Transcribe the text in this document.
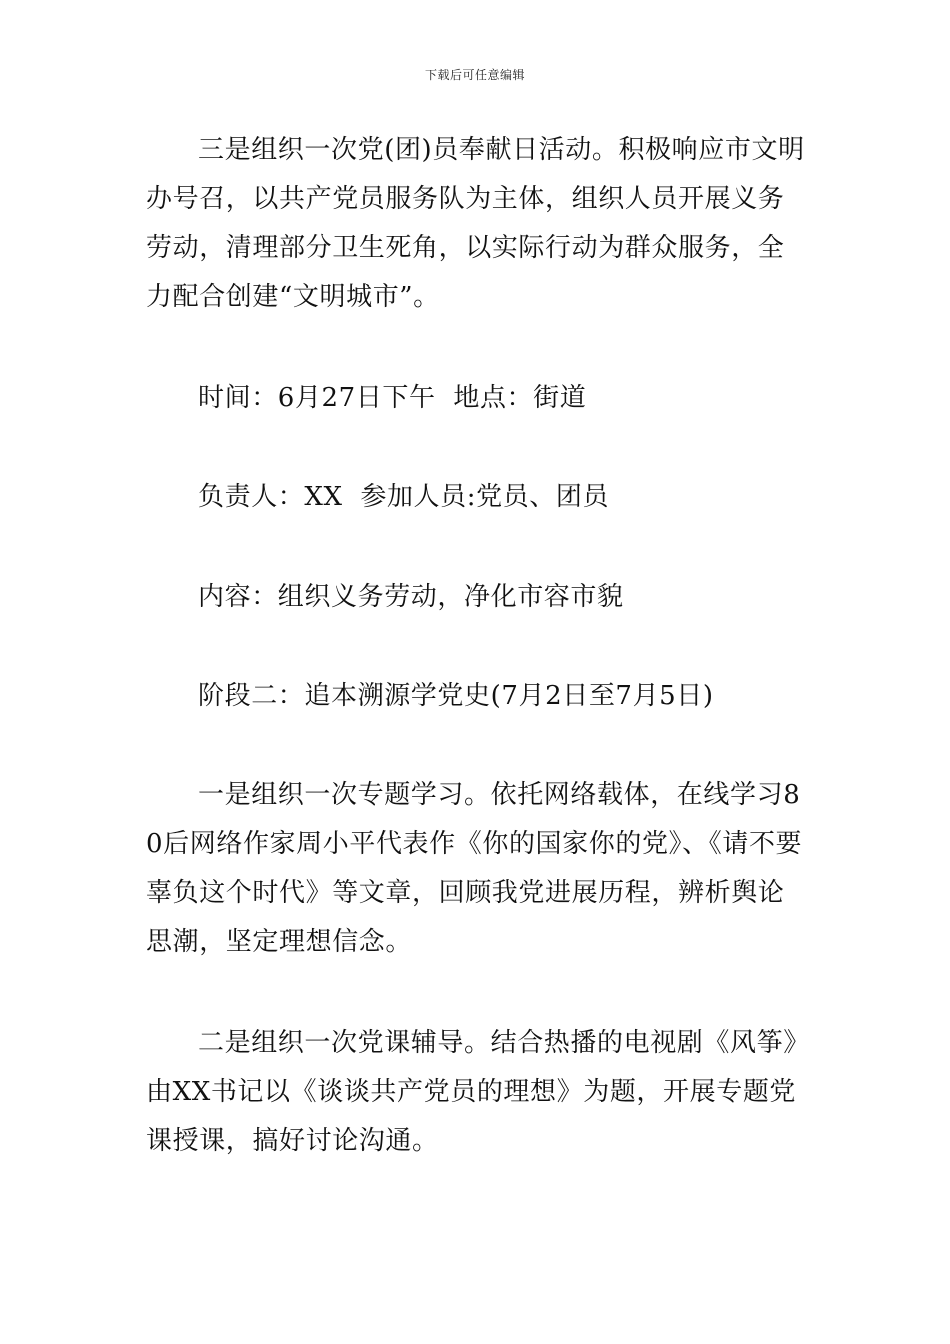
下载后可任意编辑

三是组织一次党(团)员奉献日活动。积极响应市文明办号召，以共产党员服务队为主体，组织人员开展义务劳动，清理部分卫生死角，以实际行动为群众服务，全力配合创建“文明城市”。

时间：6月27日下午  地点：街道

负责人：XX  参加人员:党员、团员

内容：组织义务劳动，净化市容市貌

阶段二：追本溯源学党史(7月2日至7月5日)

一是组织一次专题学习。依托网络载体，在线学习80后网络作家周小平代表作《你的国家你的党》、《请不要辜负这个时代》等文章，回顾我党进展历程，辨析舆论思潮，坚定理想信念。

二是组织一次党课辅导。结合热播的电视剧《风筝》由XX书记以《谈谈共产党员的理想》为题，开展专题党课授课，搞好讨论沟通。
